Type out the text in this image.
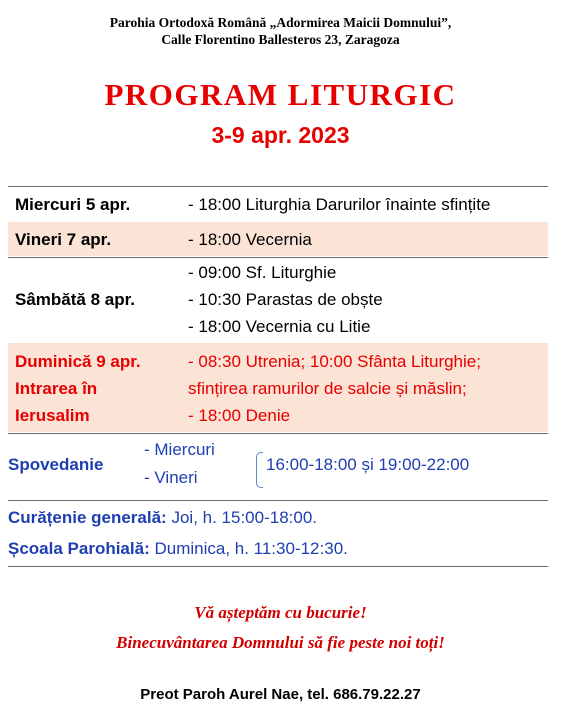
Parohia Ortodoxă Română „Adormirea Maicii Domnului”,
Calle Florentino Ballesteros 23, Zaragoza
PROGRAM LITURGIC
3-9 apr. 2023
Miercuri 5 apr.	- 18:00 Liturghia Darurilor înainte sfințite
Vineri 7 apr.	- 18:00 Vecernia
Sâmbătă 8 apr.
- 09:00 Sf. Liturghie
- 10:30 Parastas de obște
- 18:00 Vecernia cu Litie
Duminică 9 apr.
Intrarea în
Ierusalim
- 08:30 Utrenia; 10:00 Sfânta Liturghie;
sfințirea ramurilor de salcie și măslin;
- 18:00 Denie
Spovedanie
- Miercuri
- Vineri
16:00-18:00 și 19:00-22:00
Curățenie generală: Joi, h. 15:00-18:00.
Școala Parohială: Duminica, h. 11:30-12:30.
Vă așteptăm cu bucurie!
Binecuvântarea Domnului să fie peste noi toți!
Preot Paroh Aurel Nae, tel. 686.79.22.27
